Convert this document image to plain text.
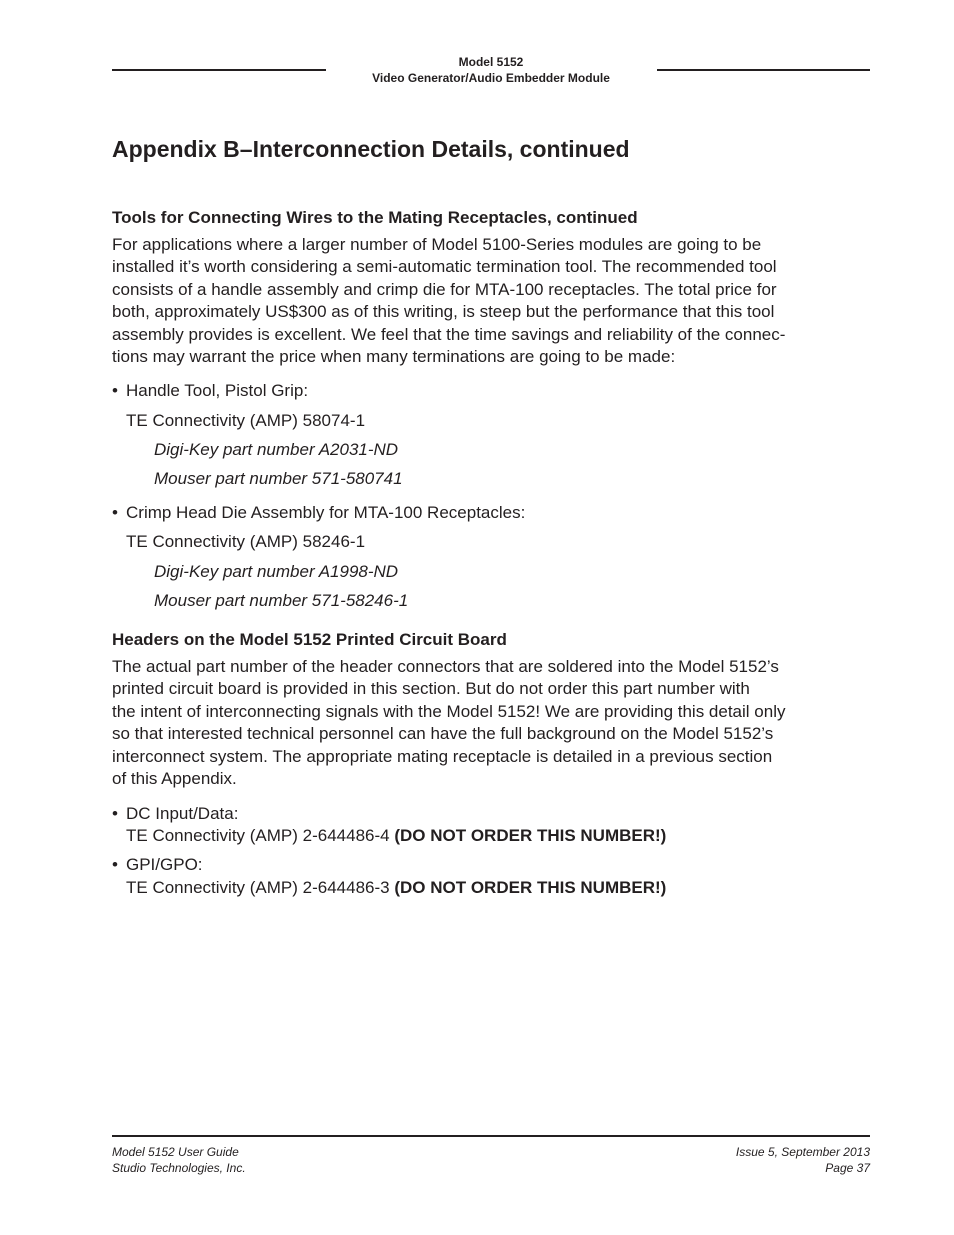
Model 5152
Video Generator/Audio Embedder Module
Appendix B–Interconnection Details, continued
Tools for Connecting Wires to the Mating Receptacles, continued

For applications where a larger number of Model 5100-Series modules are going to be

installed it’s worth considering a semi-automatic termination tool. The recommended tool

consists of a handle assembly and crimp die for MTA-100 receptacles. The total price for

both, approximately US$300 as of this writing, is steep but the performance that this tool

assembly provides is excellent. We feel that the time savings and reliability of the connec-

tions may warrant the price when many terminations are going to be made:

• Handle Tool, Pistol Grip:
TE Connectivity (AMP) 58074-1
Digi-Key part number A2031-ND
Mouser part number 571-580741
• Crimp Head Die Assembly for MTA-100 Receptacles:
TE Connectivity (AMP) 58246-1
Digi-Key part number A1998-ND
Mouser part number 571-58246-1
Headers on the Model 5152 Printed Circuit Board

The actual part number of the header connectors that are soldered into the Model 5152’s

printed circuit board is provided in this section. But do not order this part number with

the intent of interconnecting signals with the Model 5152! We are providing this detail only

so that interested technical personnel can have the full background on the Model 5152’s

interconnect system. The appropriate mating receptacle is detailed in a previous section

of this Appendix.

• DC Input/Data:
TE Connectivity (AMP) 2-644486-4 (DO NOT ORDER THIS NUMBER!)
• GPI/GPO:
TE Connectivity (AMP) 2-644486-3 (DO NOT ORDER THIS NUMBER!)
Model 5152 User Guide
Studio Technologies, Inc.
Issue 5, September 2013
Page 37
